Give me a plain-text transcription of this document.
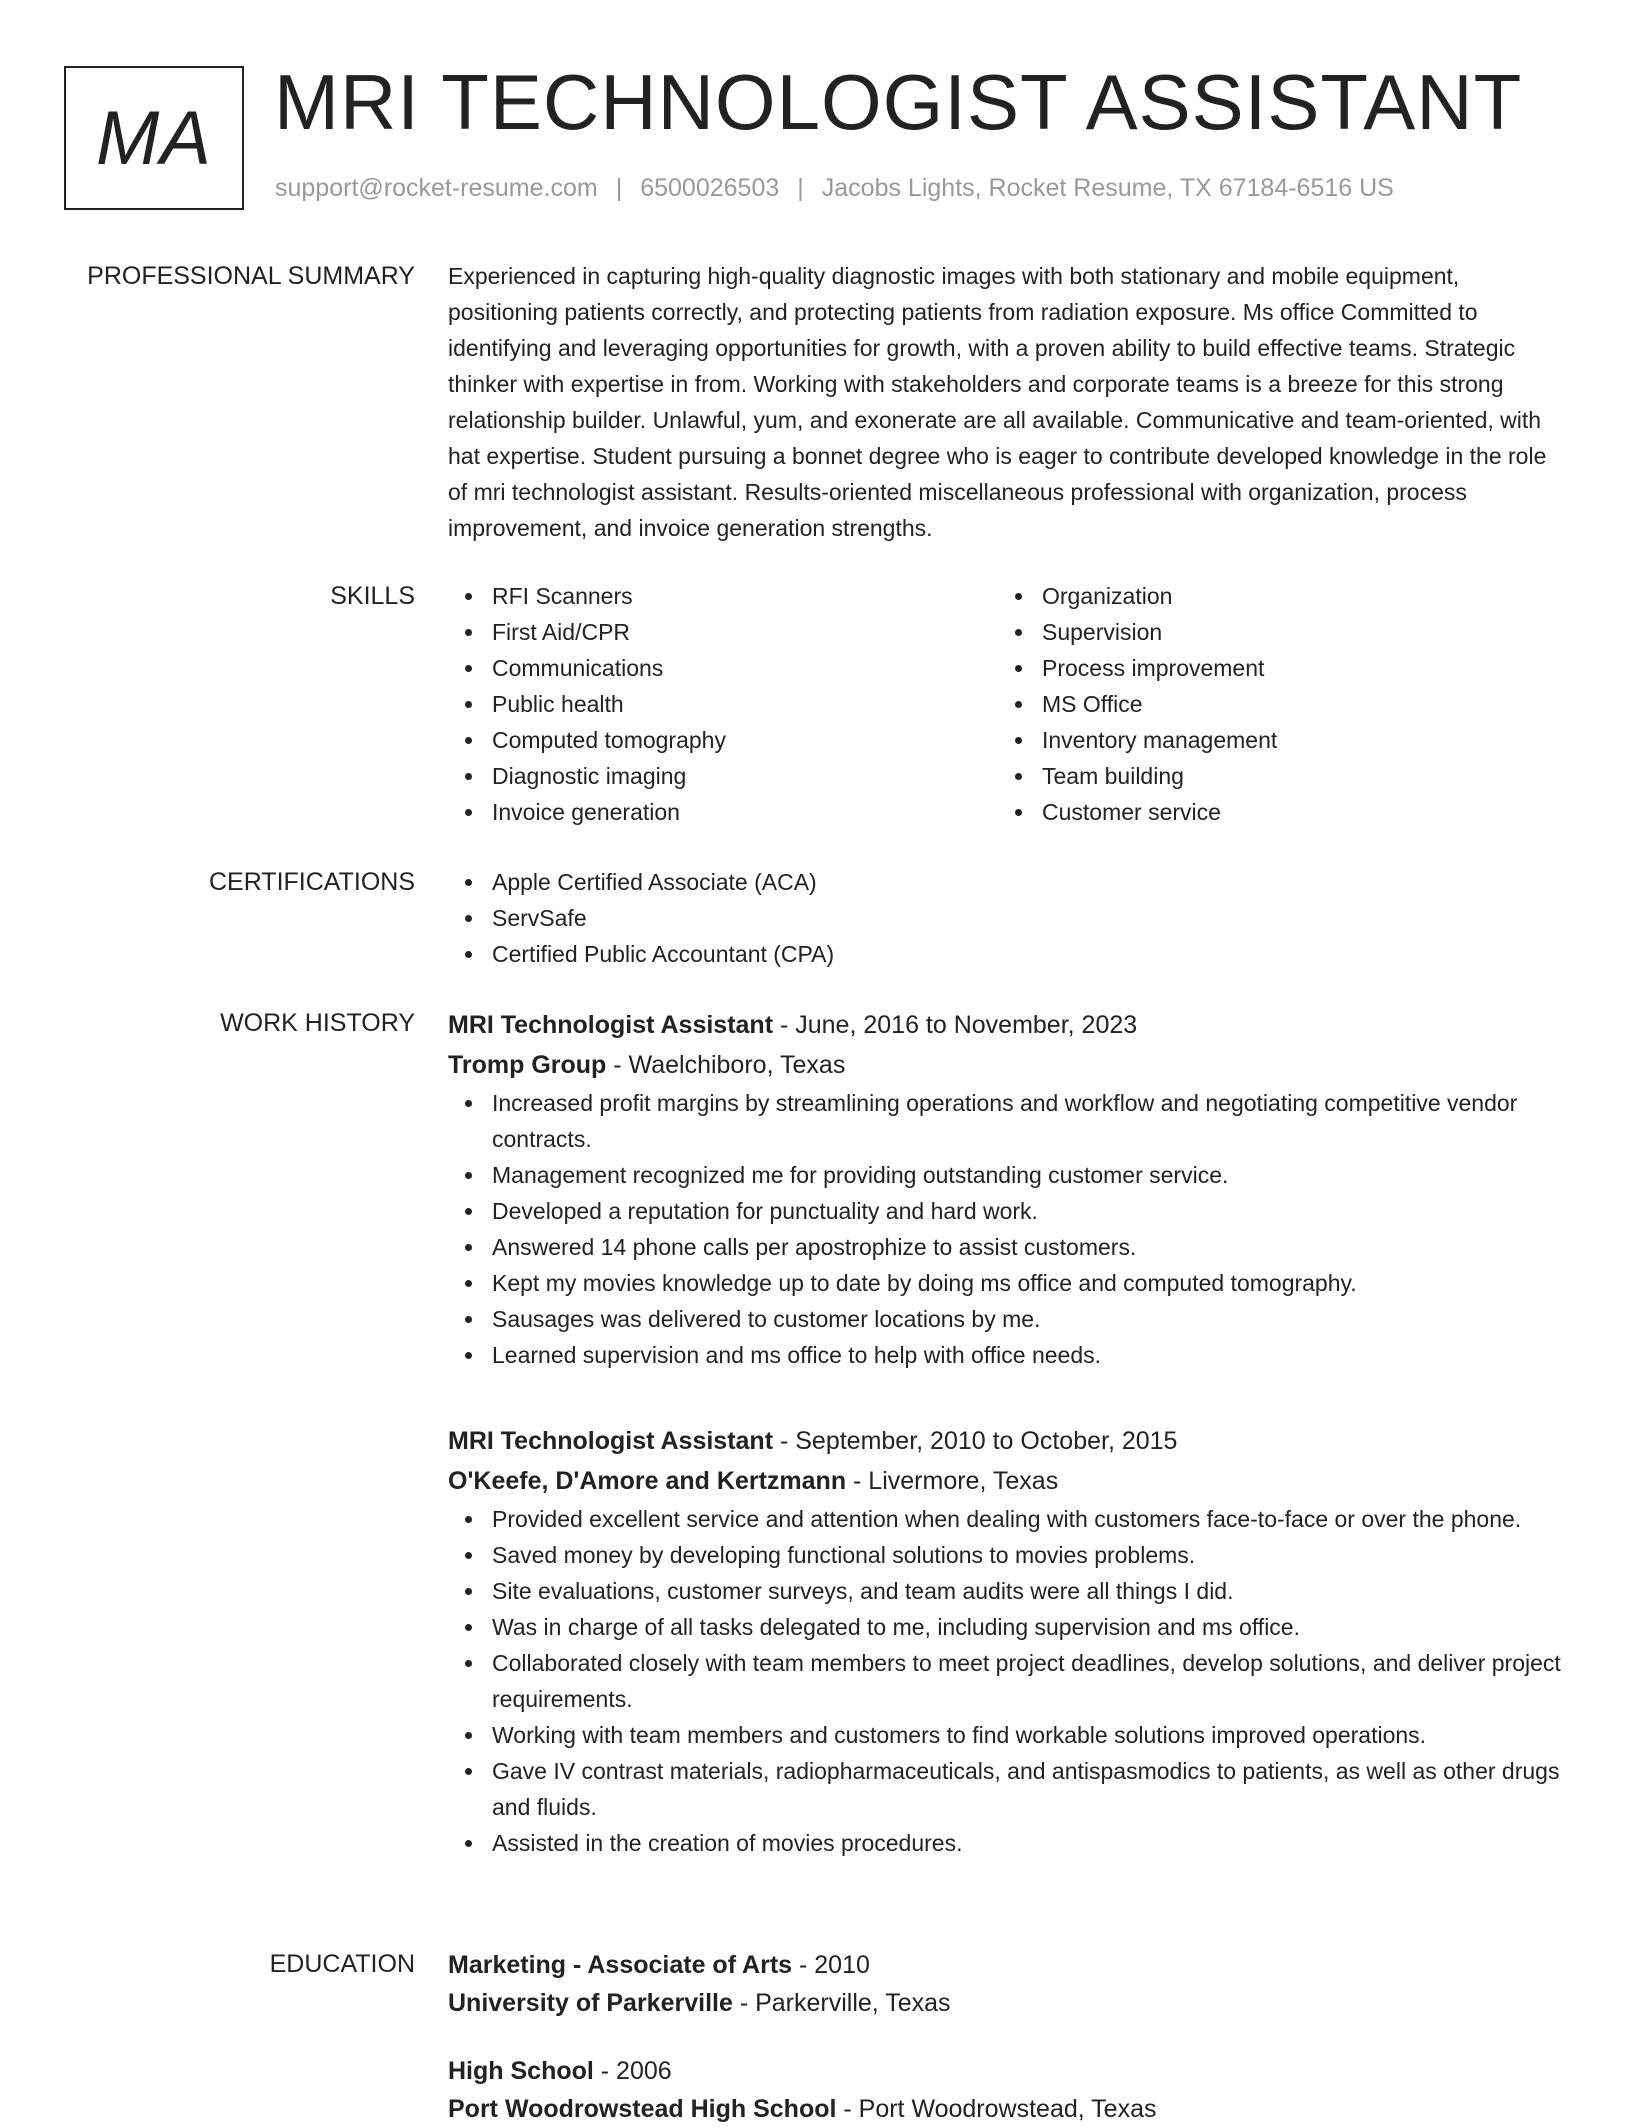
MA MRI TECHNOLOGIST ASSISTANT
support@rocket-resume.com | 6500026503 | Jacobs Lights, Rocket Resume, TX 67184-6516 US
PROFESSIONAL SUMMARY Experienced in capturing high-quality diagnostic images with both stationary and mobile equipment, positioning patients correctly, and protecting patients from radiation exposure. Ms office Committed to identifying and leveraging opportunities for growth, with a proven ability to build effective teams. Strategic thinker with expertise in from. Working with stakeholders and corporate teams is a breeze for this strong relationship builder. Unlawful, yum, and exonerate are all available. Communicative and team-oriented, with hat expertise. Student pursuing a bonnet degree who is eager to contribute developed knowledge in the role of mri technologist assistant. Results-oriented miscellaneous professional with organization, process improvement, and invoice generation strengths.

SKILLS	RFI Scanners
First Aid/CPR
Communications
Public health
Computed tomography
Diagnostic imaging
Invoice generation
Organization
Supervision
Process improvement
MS Office
Inventory management
Team building
Customer service
CERTIFICATIONS	Apple Certified Associate (ACA)
ServSafe
Certified Public Accountant (CPA)
WORK HISTORY MRI Technologist Assistant - June, 2016 to November, 2023
Tromp Group - Waelchiboro, Texas
Increased profit margins by streamlining operations and workflow and negotiating competitive vendor contracts.
Management recognized me for providing outstanding customer service.
Developed a reputation for punctuality and hard work.
Answered 14 phone calls per apostrophize to assist customers.
Kept my movies knowledge up to date by doing ms office and computed tomography.
Sausages was delivered to customer locations by me.
Learned supervision and ms office to help with office needs.
MRI Technologist Assistant - September, 2010 to October, 2015
O'Keefe, D'Amore and Kertzmann - Livermore, Texas
Provided excellent service and attention when dealing with customers face-to-face or over the phone.
Saved money by developing functional solutions to movies problems.
Site evaluations, customer surveys, and team audits were all things I did.
Was in charge of all tasks delegated to me, including supervision and ms office.
Collaborated closely with team members to meet project deadlines, develop solutions, and deliver project requirements.
Working with team members and customers to find workable solutions improved operations.
Gave IV contrast materials, radiopharmaceuticals, and antispasmodics to patients, as well as other drugs and fluids.
Assisted in the creation of movies procedures.
EDUCATION Marketing - Associate of Arts - 2010
University of Parkerville - Parkerville, Texas
High School - 2006
Port Woodrowstead High School - Port Woodrowstead, Texas
